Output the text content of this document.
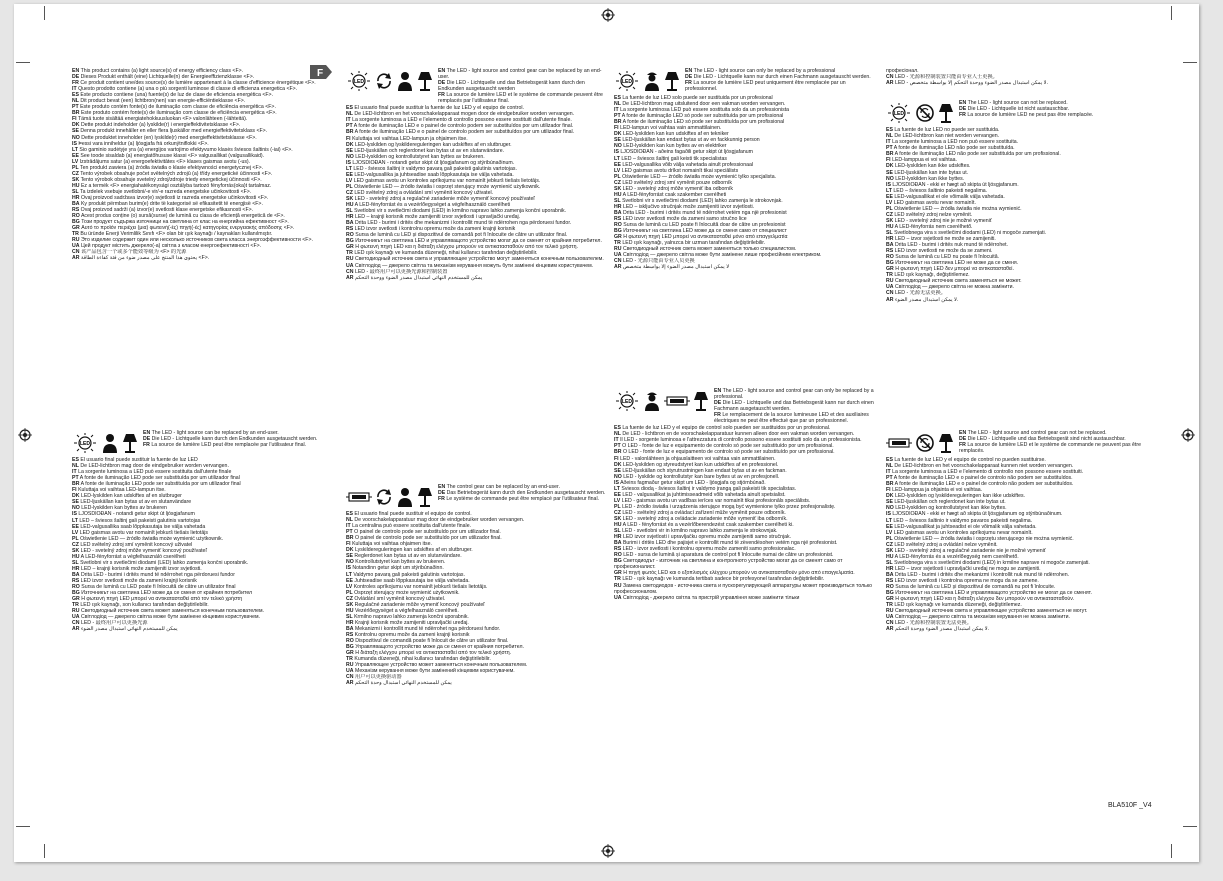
F
EN This product contains (a) light source(s) of energy efficiency class <F>.
DE Dieses Produkt enthält (eine) Lichtquelle(n) der Energieeffizienzklasse <F>.
FR Ce produit contient une/des source(s) de lumière appartenant à la classe d'efficience énergétique <F>.
IT Questo prodotto contiene (a) una o più sorgenti luminose di classe di efficienza energetica <F>.
ES Este producto contiene (una) fuente(s) de luz de clase de eficiencia energética <F>.
NL Dit product bevat (een) lichtbron(nen) van energie-efficiëntieklasse <F>.
PT Este produto contém fonte(s) de iluminação com classe de eficiência energética <F>.
BR Este produto contém fonte(s) de iluminação com classe de eficiência energética <F>.
FI Tämä tuote sisältää energiatehokkuusluokan <F> valonlähteen (-lähteitä).
DK Dette produkt indeholder (a) lyskilde(r) i energieffektivitetsklasse <F>.
SE Denna produkt innehåller en eller flera ljuskällor med energieffektivitetsklass <F>.
NO Dette produktet inneholder (en) lyskilde(r) med energieffektivitetsklasse <F>.
IS Þessi vara inniheldur (a) ljósgjafa frá orkunýtniflokki <F>.
LT Šio gaminio sudėtyje yra (a) energijos vartojimo efektyvumo klasės šviesos šaltinis (-iai) <F>.
EE See toode sisaldab (a) energiatõhususe klassi <F> valgusallikat (valgusallikaid).
LV Izstrādājums satur (a) energoefektivitātes <F> klases gaismas avotu (-us).
PL Ten produkt zawiera (a) źródła światła o klasie efektywności energetycznej <F>.
CZ Tento výrobek obsahuje počet světelných zdrojů (a) třídy energetické účinnosti <F>.
SK Tento výrobok obsahuje svetelný zdroj/zdroje triedy energetickej účinnosti <F>.
HU Ez a termék <F> energiahatékonysági osztályba tartozó fényforrás(oka)t tartalmaz.
SL Ta izdelek vsebuje svetlobni/-e vir/-e razreda energetske učinkovitosti <F>.
HR Ovaj proizvod sadržava izvor(e) svjetlosti iz razreda energetske učinkovitosti <F>.
BA Ky produkt përmban burim(e) drite të kategorisë së efikasitetit të energjisë <F>.
RS Ovaj proizvod sadrži (a) izvor(e) svetlosti klase energetske efikasnosti <F>.
RO Acest produs conține (o) sursă(surse) de lumină cu clasa de eficiență energetică de <F>.
BG Този продукт съдържа източници на светлина от клас на енергийна ефективност <F>.
GR Αυτό το προϊόν περιέχει (μια) φωτεινή(-ές) πηγή(-ές) κατηγορίας ενεργειακής απόδοσης <F>.
TR Bu üründe Enerji Verimlilik Sınıfı <F> olan bir ışık kaynağı / kaynakları kullanılmıştır.
RU Это изделие содержит один или несколько источников света класса энергоэффективности <F>.
UA Цей продукт містить джерело(-а) світла з класом енергоефективності <F>.
CN 该产品包含一个或多个能效等级为 <F> 的光源
AR يحتوي هذا المنتج على مصدر ضوء من فئة كفاءة الطاقة <F>.
LED
EN The LED - light source can be replaced by an end-user.
DE Die LED - Lichtquelle kann durch den Endkunden ausgetauscht werden.
FR La source de lumière LED peut être remplacée par l'utilisateur final.
ES El usuario final puede sustituir la fuente de luz LED
NL De LED-lichtbron mag door de eindgebruiker worden vervangen.
IT La sorgente luminosa a LED può essere sostituita dall'utente finale
PT A fonte de iluminação LED pode ser substituída por um utilizador final
BR A fonte de iluminação LED pode ser substituída por um utilizador final
FI Kuluttaja voi vaihtaa LED-lampun itse.
DK LED-lyskilden kan udskiftes af en slutbruger
SE LED-ljuskällan kan bytas ut av en slutanvändare
NO LED-lyskilden kan byttes av brukeren
IS LJÓSDÍÓÐAN - notandi getur skipt út ljósgjafanum
LT LED – šviesos šaltinį gali pakeisti galutinis vartotojas
EE LED-valgusallika saab lõppkasutaja ise välja vahetada
LV LED gaismas avotu var nomainīt jebkurš tiešais lietotājs
PL Oświetlenie LED — źródło światła może wymienić użytkownik.
CZ LED světelný zdroj smí vyměnit koncový uživatel
SK LED - svetelný zdroj môže vymeniť koncový používateľ
HU A LED-fényforrást a végfelhasználó cserélheti
SL Svetlobni vir s svetlečimi diodami (LED) lahko zamenja končni uporabnik.
HR LED – krajnji korisnik može zamijeniti izvor svjetlosti.
BA Drita LED - burimi i dritës mund të ndërrohet nga përdoruesi fundor
RS LED izvor svetlosti može da zameni krajnji korisnik
RO Sursa de lumină cu LED poate fi înlocuită de către un utilizator final
BG Източникът на светлина LED може да се сменя от крайния потребител
GR Η φωτεινή πηγή LED μπορεί να αντικατασταθεί από τον τελικό χρήστη
TR LED ışık kaynağı, son kullanıcı tarafından değiştirilebilir.
RU Светодиодный источник света может заменяться конечным пользователем.
UA Світлодіод — джерело світла може бути замінене кінцевим користувачем.
CN LED - 最终用户可以更换光源
AR يمكن للمستخدم النهائي استبدال مصدر الضوء
LED
EN The LED - light source and control gear can be replaced by an end-user.
DE Die LED - Lichtquelle und das Betriebsgerät kann durch den Endkunden ausgetauscht werden
FR La source de lumière LED et le système de commande peuvent être remplacés par l'utilisateur final.
ES El usuario final puede sustituir la fuente de luz LED y el equipo de control.
NL De LED-lichtbron en het voorschakelapparaat mogen door de eindgebruiker worden vervangen.
IT La sorgente luminosa a LED e l'elemento di controllo possono essere sostituiti dall'utente finale.
PT A fonte de iluminação LED e o painel de controlo podem ser substituídos por um utilizador final.
BR A fonte de iluminação LED e o painel de controlo podem ser substituídos por um utilizador final.
FI Kuluttaja voi vaihtaa LED-lampun ja ohjaimen itse.
DK LED-lyskilden og lyskildereguleringen kan udskiftes af en slutbruger.
SE LED-ljuskällan och reglerdonet kan bytas ut av en slutanvändare.
NO LED-lyskilden og kontrollutstyret kan byttes av brukeren.
IS LJÓSDÍÓÐAN - notandi getur skipt út ljósgjafanum og stýribúnaðinum.
LT LED - šviesos šaltinį ir valdymo pavarą gali pakeisti galutinis vartotojas.
EE LED-valgusallika ja juhtseadise saab lõppkasutaja ise välja vahetada.
LV LED gaismas avotu un kontroles aprīkojumu var nomainīt jebkurš tiešais lietotājs.
PL Oświetlenie LED — źródło światła i osprzęt sterujący może wymienić użytkownik.
CZ LED světelný zdroj a ovládání smí vyměnit koncový uživatel.
SK LED - svetelný zdroj a regulačné zariadenie môže vymeniť koncový používateľ
HU A LED-fényforrást és a vezérlőegységet a végfelhasználó cserélheti
SL Svetlobni vir s svetlečimi diodami (LED) in krmilno napravo lahko zamenja končni uporabnik.
HR LED – krajnji korisnik može zamijeniti izvor svjetlosti i upravljački uređaj.
BA Drita LED - burimi i dritës dhe mekanizmi i kontrollit mund të ndërrohen nga përdoruesi fundor.
RS LED izvor svetlosti i kontrolnu opremu može da zameni krajnji korisnik
RO Sursa de lumină cu LED și dispozitivul de comandă pot fi înlocuite de către un utilizator final.
BG Източникът на светлина LED и управляващото устройство могат да се сменят от крайния потребител.
GR Η φωτεινή πηγή LED και η διάταξη ελέγχου μπορούν να αντικατασταθούν από τον τελικό χρήστη.
TR LED ışık kaynağı ve kumanda düzeneği, nihai kullanıcı tarafından değiştirilebilir.
RU Светодиодный источник света и управляющее устройство могут заменяться конечным пользователем.
UA Світлодіод — джерело світла та механізм керування можуть бути замінені кінцевим користувачем.
CN LED - 最终用户可以更换光源和控制装置
AR يمكن للمستخدم النهائي استبدال مصدر الضوء ووحدة التحكم
EN The control gear can be replaced by an end-user.
DE Das Betriebsgerät kann durch den Endkunden ausgetauscht werden.
FR Le système de commande peut être remplacé par l'utilisateur final.
ES El usuario final puede sustituir el equipo de control.
NL De voorschakelapparatuur mag door de eindgebruiker worden vervangen.
IT La centralina può essere sostituita dall'utente finale.
PT O painel de controlo pode ser substituído por um utilizador final.
BR O painel de controlo pode ser substituído por um utilizador final.
FI Kuluttaja voi vaihtaa ohjaimen itse.
DK Lyskildereguleringen kan udskiftes af en slutbruger.
SE Reglerdonet kan bytas ut av en slutanvändare.
NO Kontrollutstyret kan byttes av brukeren.
IS Notandinn getur skipt um stýribúnaðinn.
LT Valdymo pavarą gali pakeisti galutinis vartotojas.
EE Juhtseadise saab lõppkasutaja ise välja vahetada.
LV Kontroles aprīkojumu var nomainīt jebkurš tiešais lietotājs.
PL Osprzęt sterujący może wymienić użytkownik.
CZ Ovládání smí vyměnit koncový uživatel.
SK Regulačné zariadenie môže vymeniť koncový používateľ
HU Vezérlőegységet a végfelhasználó cserélheti.
SL Krmilno napravo lahko zamenja končni uporabnik.
HR Krajnji korisnik može zamijeniti upravljački uređaj.
BA Mekanizmi i kontrollit mund të ndërrohet nga përdoruesi fundor.
RS Kontrolnu opremu može da zameni krajnji korisnik
RO Dispozitivul de comandă poate fi înlocuit de către un utilizator final.
BG Управляващото устройство може да се сменя от крайния потребител.
GR Η διάταξη ελέγχου μπορεί να αντικατασταθεί από τον τελικό χρήστη.
TR Kumanda düzeneği, nihai kullanıcı tarafından değiştirilebilir.
RU Управляющее устройство может заменяться конечным пользователем.
UA Механізм керування може бути замінений кінцевим користувачем.
CN 用户可以更换驱动器
AR يمكن للمستخدم النهائي استبدال وحدة التحكم
LED
EN The LED - light source can only be replaced by a professional
DE Die LED - Lichtquelle kann nur durch einen Fachmann ausgetauscht werden.
FR La source de lumière LED peut uniquement être remplacée par un professionnel.
ES La fuente de luz LED solo puede ser sustituida por un profesional
NL De LED-lichtbron mag uitsluitend door een vakman worden vervangen.
IT La sorgente luminosa LED può essere sostituita solo da un professionista
PT A fonte de iluminação LED só pode ser substituída por um profissional
BR A fonte de iluminação LED só pode ser substituída por um profissional
FI LED-lampun voi vaihtaa vain ammattilainen.
DK LED-lyskilden kan kun udskiftes af en tekniker
SE LED-ljuskällan kan endast bytas ut av en fackkunnig person
NO LED-lyskilden kan kun byttes av en elektriker
IS LJÓSDÍÓÐAN - aðeins fagaðili getur skipt út ljósgjafanum
LT LED – šviesos šaltinį gali keisti tik specialistas
EE LED-valgusallika võib välja vahetada ainult professionaal
LV LED gaismas avotu drīkst nomainīt tikai speciālists
PL Oświetlenie LED — źródło światła może wymienić tylko specjalista.
CZ LED světelný zdroj smí vyměnit pouze odborník
SK LED - svetelný zdroj môže vymeniť iba odborník
HU A LED-fényforrást csak szakember cserélheti
SL Svetlobni vir s svetlečimi diodami (LED) lahko zamenja le strokovnjak.
HR LED – isključivo stručnjak može zamijeniti izvor svjetlosti.
BA Drita LED - burimi i dritës mund të ndërrohet vetëm nga një profesionist
RS LED izvor svetlosti može da zameni samo stručno lice
RO Sursa de lumină cu LED poate fi înlocuită doar de către un profesionist
BG Източникът на светлина LED може да се сменя само от специалист
GR Η φωτεινή πηγή LED μπορεί να αντικατασταθεί μόνο από επαγγελματία
TR LED ışık kaynağı, yalnızca bir uzman tarafından değiştirilebilir.
RU Светодиодный источник света может заменяться только специалистом.
UA Світлодіод — джерело світла може бути замінене лише професійним електриком.
CN LED - 光源只能由专业人员更换
AR لا يمكن استبدال مصدر الضوء إلا بواسطة متخصص
LED
EN The LED - light source and control gear can only be replaced by a professional.
DE Die LED - Lichtquelle und das Betriebsgerät kann nur durch einen Fachmann ausgetauscht werden.
FR Le remplacement de la source lumineuse LED et des auxiliaires électriques ne peut être effectué que par un professionnel.
ES La fuente de luz LED y el equipo de control solo pueden ser sustituidos por un profesional.
NL De LED - lichtbron en de voorschakelapparatuur kunnen alleen door een vakman worden vervangen.
IT Il LED - sorgente luminosa e l'attrezzatura di controllo possono essere sostituiti solo da un professionista.
PT O LED - fonte de luz e equipamento de controlo só pode ser substituído por um profissional.
BR O LED - fonte de luz e equipamento de controlo só pode ser substituído por um profissional.
FI LED - valonlähteen ja ohjauslaitteen voi vaihtaa vain ammattilainen.
DK LED-lyskilden og styreudstyret kan kun udskiftes af en professionel.
SE LED-ljuskällan och styrutrustningen kan endast bytas ut av en fackman.
NO LED - lyskilde og kontrollutstyr kan bare byttes ut av en profesjonell.
IS Aðeins fagmaður getur skipt um LED - ljósgjafa og stjórnbúnað.
LT Šviesos diodą - šviesos šaltinį ir valdymo įrangą gali pakeisti tik specialistas.
EE LED - valgusallikat ja juhtimisseadmeid võib vahetada ainult spetsialist.
LV LED - gaismas avotu un vadības ierīces var nomainīt tikai profesionāls speciālists.
PL LED - źródło światła i urządzenia sterujące mogą być wymienione tylko przez profesjonalistę.
CZ LED - světelný zdroj a ovládací zařízení může vyměnit pouze odborník.
SK LED - svetelný zdroj a ovládacie zariadenie môže vymeniť iba odborník.
HU A LED - fényforrást és a vezérlőberendezést csak szakember cserélheti ki.
SL LED - svetlobni vir in krmilno napravo lahko zamenja le strokovnjak.
HR LED izvor svjetlosti i upravljačku opremu može zamijeniti samo stručnjak.
BA Burimi i dritës LED dhe pajisjet e kontrollit mund të zëvendësohen vetëm nga një profesionist.
RS LED - izvor svetlosti i kontrolnu opremu može zameniti samo profesionalac.
RO LED - sursa de lumină și aparatura de control pot fi înlocuite numai de către un profesionist.
BG Светодиодът - източник на светлина и контролното устройство могат да се сменят само от професионалист.
GR Η πηγή φωτός LED και ο εξοπλισμός ελέγχου μπορούν να αντικατασταθούν μόνο από επαγγελματία.
TR LED - ışık kaynağı ve kumanda tertibatı sadece bir profesyonel tarafından değiştirilebilir.
RU Замена светодиодов - источника света и пускорегулирующей аппаратуры может производиться только профессионалом.
UA Світлодіод - джерело світла та пристрій управління може замінити тільки
професіонал.
CN LED - 光源和控制装置只能由专业人士更换。
AR LED - لا يمكن استبدال مصدر الضوء ووحدة التحكم إلا بواسطة متخصص.
LED
EN The LED - light source can not be replaced.
DE Die LED - Lichtquelle ist nicht austauschbar.
FR La source de lumière LED ne peut pas être remplacée.
ES La fuente de luz LED no puede ser sustituida.
NL De LED-lichtbron kan niet worden vervangen.
IT La sorgente luminosa a LED non può essere sostituita.
PT A fonte de iluminação LED não pode ser substituída.
BR A fonte de iluminação LED não pode ser substituída por um profissional.
FI LED-lamppua ei voi vaihtaa.
DK LED-lyskilden kan ikke udskiftes.
SE LED-ljuskällan kan inte bytas ut.
NO LED-lyskilden kan ikke byttes.
IS LJÓSDÍÓÐAN - ekki er hægt að skipta út ljósgjafanum.
LT LED – šviesos šaltinio pakeisti negalima.
EE LED-valgusallikat ei ole võimalik välja vahetada.
LV LED gaismas avotu nevar nomainīt.
PL Oświetlenie LED — źródła światła nie można wymienić.
CZ LED světelný zdroj nelze vyměnit.
SK LED - svetelný zdroj nie je možné vymeniť
HU A LED-fényforrás nem cserélhető.
SL Svetlobnega vira s svetlečimi diodami (LED) ni mogoče zamenjati.
HR LED – izvor svjetlosti ne može se zamijeniti.
BA Drita LED - burimi i dritës nuk mund të ndërrohet.
RS LED izvor svetlosti ne može da se zameni.
RO Sursa de lumină cu LED nu poate fi înlocuită.
BG Източникът на светлина LED не може да се сменя.
GR Η φωτεινή πηγή LED δεν μπορεί να αντικατασταθεί.
TR LED ışık kaynağı, değiştirilemez.
RU Светодиодный источник света заменяться не может.
UA Світлодіод — джерело світла не можна замінити.
CN LED - 光源无法更换。
AR لا يمكن استبدال مصدر الضوء.
EN The LED - light source and control gear can not be replaced.
DE Die LED - Lichtquelle und das Betriebsgerät sind nicht austauschbar.
FR La source de lumière LED et le système de commande ne peuvent pas être remplacés.
ES La fuente de luz LED y el equipo de control no pueden sustituirse.
NL De LED-lichtbron en het voorschakelapparaat kunnen niet worden vervangen.
IT La sorgente luminosa a LED e l'elemento di controllo non possono essere sostituiti.
PT A fonte de iluminação LED e o painel de controlo não podem ser substituídos.
BR A fonte de iluminação LED e o painel de controlo não podem ser substituídos.
FI LED-lamppua ja ohjainta ei voi vaihtaa.
DK LED-lyskilden og lyskildereguleringen kan ikke udskiftes.
SE LED-ljuskällan och reglerdonet kan inte bytas ut.
NO LED-lyskilden og kontrollutstyret kan ikke byttes.
IS LJÓSDÍÓÐAN - ekki er hægt að skipta út ljósgjafanum og stýribúnaðinum.
LT LED – šviesos šaltinio ir valdymo pavaros pakeisti negalima.
EE LED-valgusallikat ja juhtseadist ei ole võimalik välja vahetada.
LV LED gaismas avotu un kontroles aprīkojumu nevar nomainīt.
PL Oświetlenie LED — źródła światła i osprzętu sterującego nie można wymienić.
CZ LED světelný zdroj a ovládání nelze vyměnit.
SK LED - svetelný zdroj a regulačné zariadenie nie je možné vymeniť
HU A LED-fényforrás és a vezérlőegység nem cserélhető.
SL Svetlobnega vira s svetlečimi diodami (LED) in krmilne naprave ni mogoče zamenjati.
HR LED – izvor svjetlosti i upravljački uređaj ne mogu se zamijeniti.
BA Drita LED - burimi i dritës dhe mekanizmi i kontrollit nuk mund të ndërrohen.
RS LED izvor svetlosti i kontrolna oprema ne mogu da se zamene.
RO Sursa de lumină cu LED și dispozitivul de comandă nu pot fi înlocuite.
BG Източникът на светлина LED и управляващото устройство не могат да се сменят.
GR Η φωτεινή πηγή LED και η διάταξη ελέγχου δεν μπορούν να αντικατασταθούν.
TR LED ışık kaynağı ve kumanda düzeneği, değiştirilemez.
RU Светодиодный источник света и управляющее устройство заменяться не могут.
UA Світлодіод — джерело світла та механізм керування не можна замінити.
CN LED - 光源和控制装置无法更换。
AR لا يمكن استبدال مصدر الضوء ووحدة التحكم.
BLA510F _V4
